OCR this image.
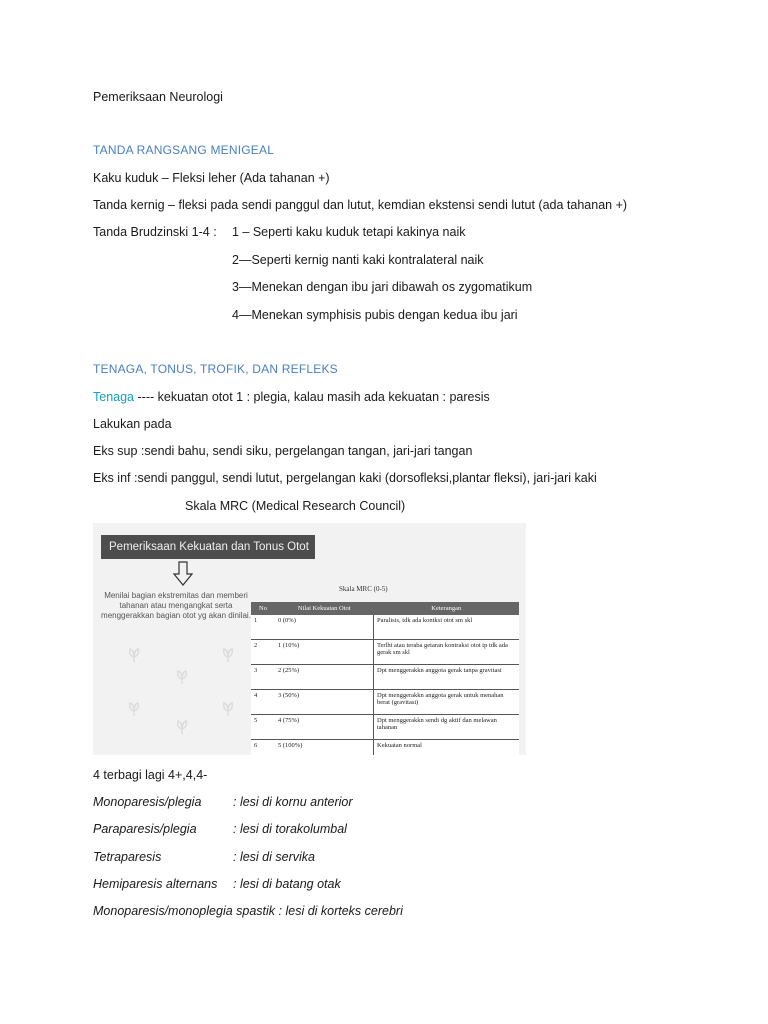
Pemeriksaan Neurologi
TANDA RANGSANG MENIGEAL
Kaku kuduk – Fleksi leher (Ada tahanan +)
Tanda kernig – fleksi pada sendi panggul dan lutut, kemdian ekstensi sendi lutut (ada tahanan +)
Tanda Brudzinski 1-4 : 1 – Seperti kaku kuduk tetapi kakinya naik
2—Seperti kernig nanti kaki kontralateral naik
3—Menekan dengan ibu jari dibawah os zygomatikum
4—Menekan symphisis pubis dengan kedua ibu jari
TENAGA, TONUS, TROFIK, DAN REFLEKS
Tenaga ---- kekuatan otot 1 : plegia, kalau masih ada kekuatan : paresis
Lakukan pada
Eks sup :sendi bahu, sendi siku, pergelangan tangan, jari-jari tangan
Eks inf :sendi panggul, sendi lutut, pergelangan kaki (dorsofleksi,plantar fleksi), jari-jari kaki
Skala MRC (Medical Research Council)
Pemeriksaan Kekuatan dan Tonus Otot
Menilai bagian ekstremitas dan memberi tahanan atau mengangkat serta menggerakkan bagian otot yg akan dinilai.
Skala MRC (0-5)
No	Nilai Kekuatan Otot	Keterangan
1	0 (0%)	Paralisis, tdk ada kontksi otot sm skl
2	1 (10%)	Terlht atau teraba getaran kontraksi otot tp tdk ada gerak sm skl
3	2 (25%)	Dpt menggerakkn anggota gerak tanpa gravitasi
4	3 (50%)	Dpt menggerakkn anggota gerak untuk menahan berat (gravitasi)
5	4 (75%)	Dpt menggerakkn sendi dg aktif dan melawan tahanan
6	5 (100%)	Kekuatan normal
4 terbagi lagi 4+,4,4-
Monoparesis/plegia	: lesi di kornu anterior
Paraparesis/plegia	: lesi di torakolumbal
Tetraparesis	: lesi di servika
Hemiparesis alternans : lesi di batang otak
Monoparesis/monoplegia spastik : lesi di korteks cerebri
